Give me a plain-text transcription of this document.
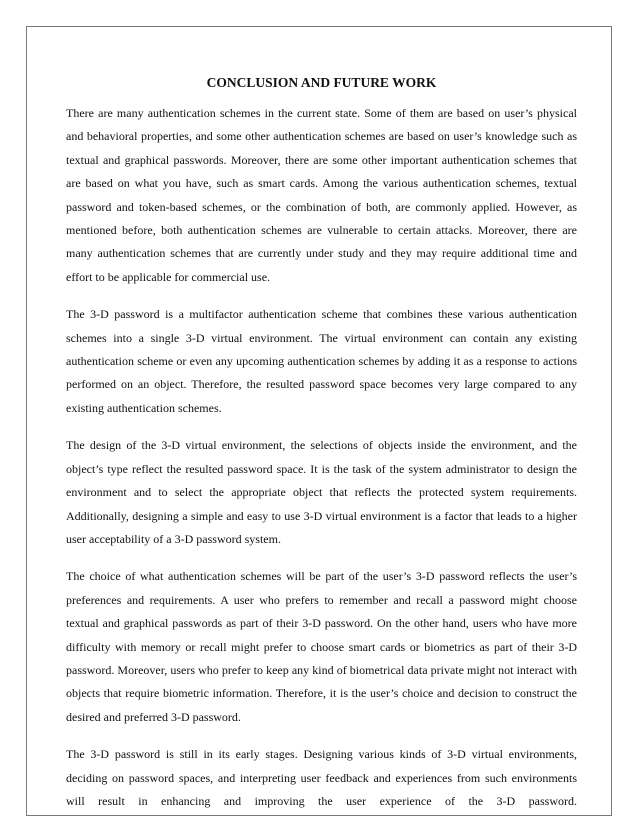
CONCLUSION AND FUTURE WORK

There are many authentication schemes in the current state. Some of them are based on user’s physical and behavioral properties, and some other authentication schemes are based on user’s knowledge such as textual and graphical passwords. Moreover, there are some other important authentication schemes that are based on what you have, such as smart cards. Among the various authentication schemes, textual password and token-based schemes, or the combination of both, are commonly applied. However, as mentioned before, both authentication schemes are vulnerable to certain attacks. Moreover, there are many authentication schemes that are currently under study and they may require additional time and effort to be applicable for commercial use.

The 3-D password is a multifactor authentication scheme that combines these various authentication schemes into a single 3-D virtual environment. The virtual environment can contain any existing authentication scheme or even any upcoming authentication schemes by adding it as a response to actions performed on an object. Therefore, the resulted password space becomes very large compared to any existing authentication schemes.

The design of the 3-D virtual environment, the selections of objects inside the environment, and the object’s type reflect the resulted password space. It is the task of the system administrator to design the environment and to select the appropriate object that reflects the protected system requirements. Additionally, designing a simple and easy to use 3-D virtual environment is a factor that leads to a higher user acceptability of a 3-D password system.

The choice of what authentication schemes will be part of the user’s 3-D password reflects the user’s preferences and requirements. A user who prefers to remember and recall a password might choose textual and graphical passwords as part of their 3-D password. On the other hand, users who have more difficulty with memory or recall might prefer to choose smart cards or biometrics as part of their 3-D password. Moreover, users who prefer to keep any kind of biometrical data private might not interact with objects that require biometric information. Therefore, it is the user’s choice and decision to construct the desired and preferred 3-D password.

The 3-D password is still in its early stages. Designing various kinds of 3-D virtual environments, deciding on password spaces, and interpreting user feedback and experiences from such environments will result in enhancing and improving the user experience of the 3-D password.
